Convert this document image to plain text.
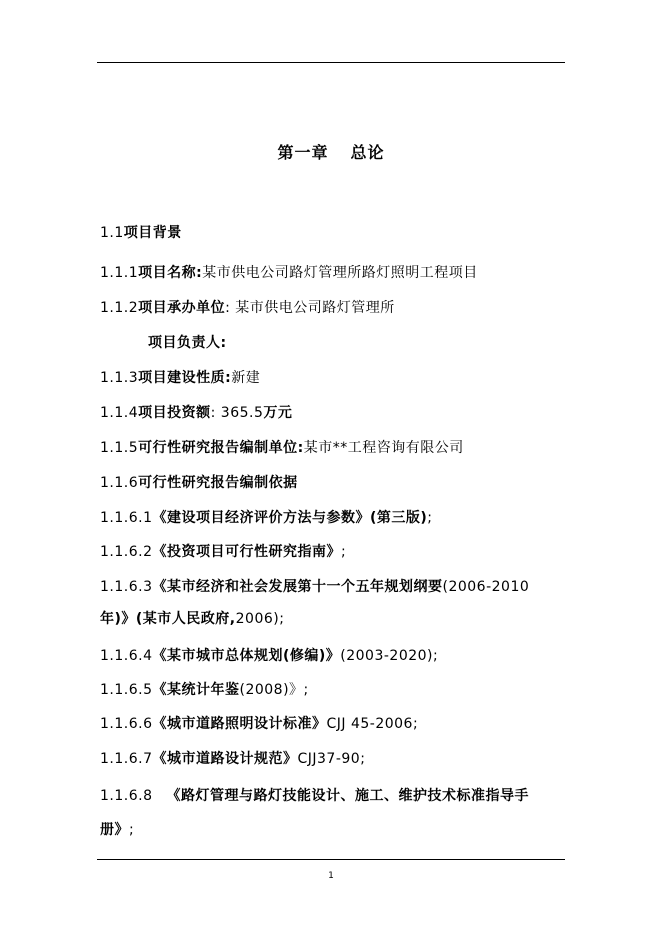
第一章 总论
1.1项目背景
1.1.1项目名称:某市供电公司路灯管理所路灯照明工程项目
1.1.2项目承办单位: 某市供电公司路灯管理所
项目负责人:
1.1.3项目建设性质:新建
1.1.4项目投资额: 365.5万元
1.1.5可行性研究报告编制单位:某市**工程咨询有限公司
1.1.6可行性研究报告编制依据
1.1.6.1《建设项目经济评价方法与参数》(第三版);
1.1.6.2《投资项目可行性研究指南》;
1.1.6.3《某市经济和社会发展第十一个五年规划纲要(2006-2010
年)》(某市人民政府,2006);
1.1.6.4《某市城市总体规划(修编)》(2003-2020);
1.1.6.5《某统计年鉴(2008)》;
1.1.6.6《城市道路照明设计标准》CJJ 45-2006;
1.1.6.7《城市道路设计规范》CJJ37-90;
1.1.6.8 《路灯管理与路灯技能设计、施工、维护技术标准指导手
册》;
1
